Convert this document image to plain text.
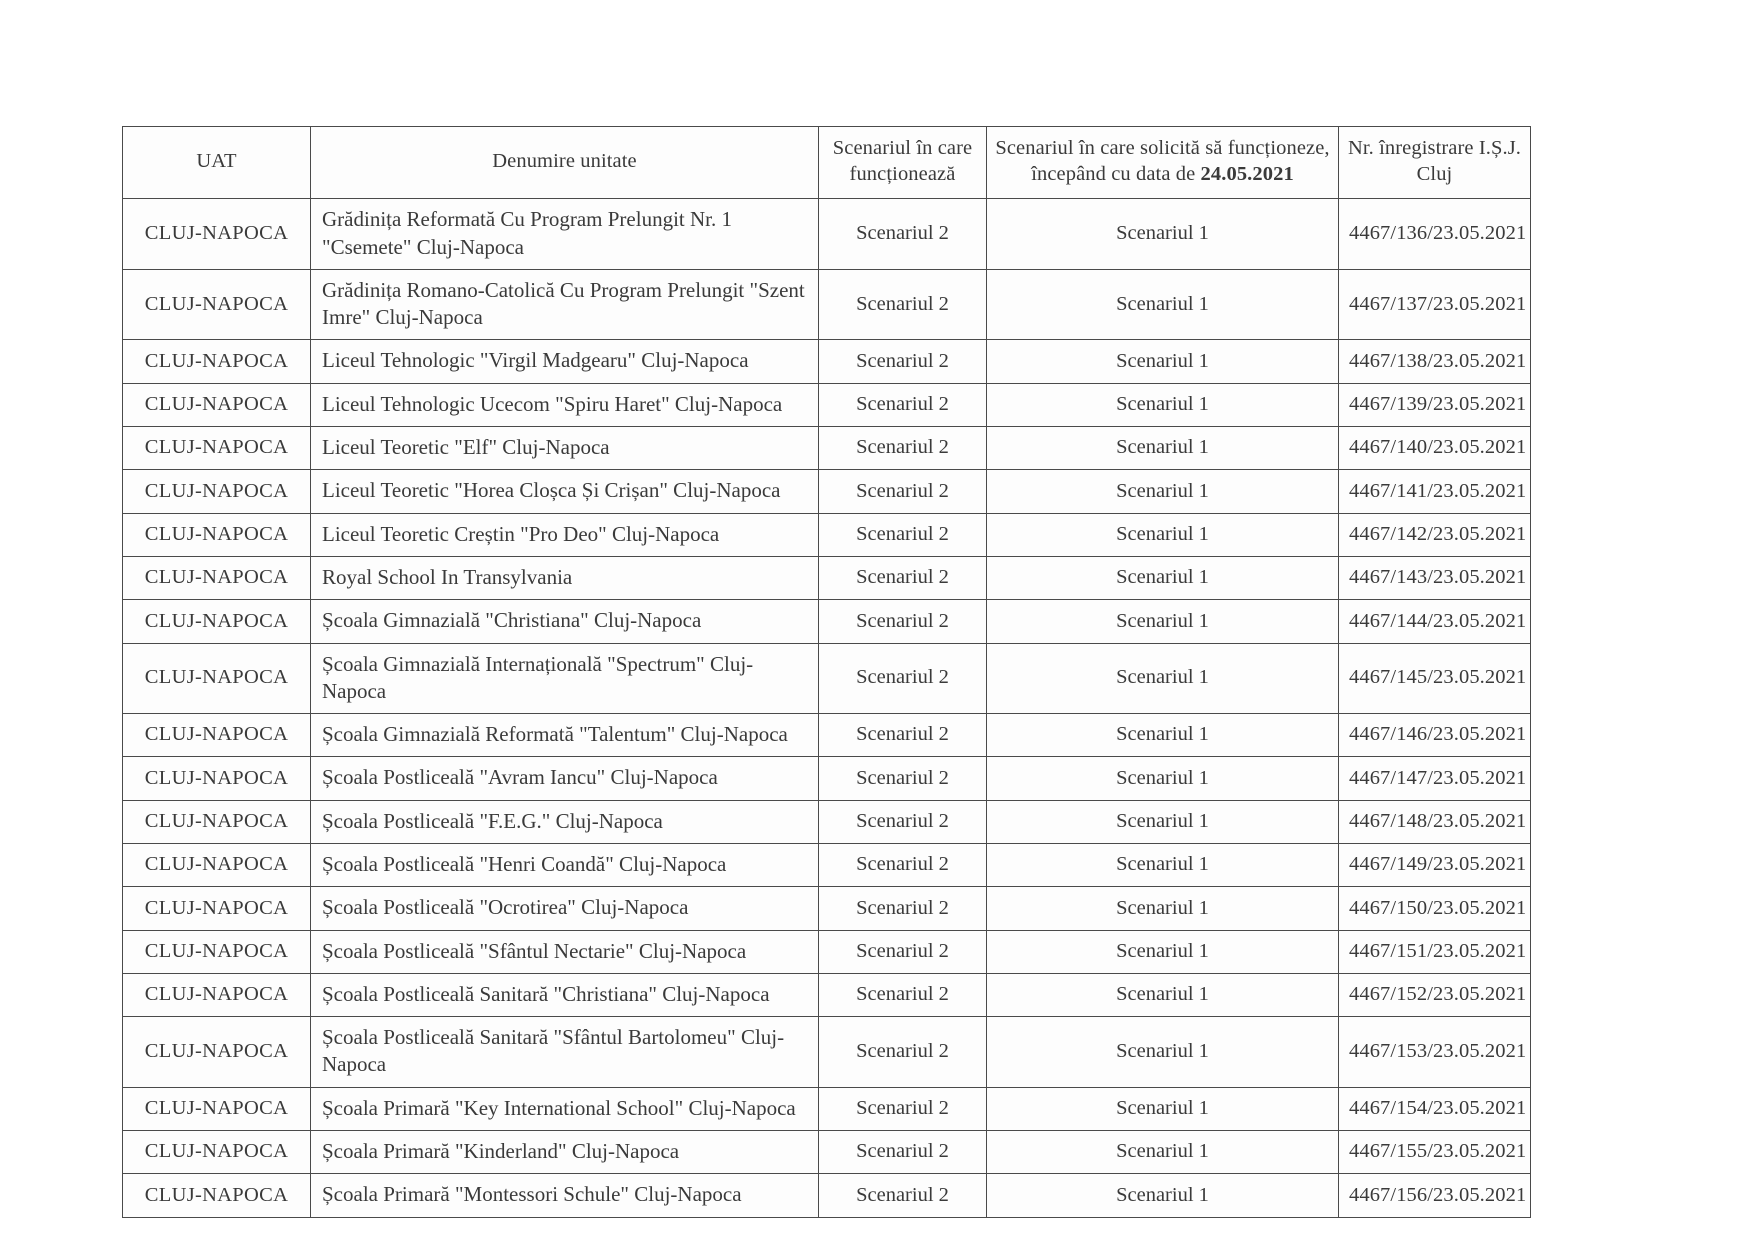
UAT	Denumire unitate	Scenariul în care funcționează	Scenariul în care solicită să funcționeze, începând cu data de 24.05.2021	Nr. înregistrare I.Ș.J. Cluj
CLUJ-NAPOCA	Grădinița Reformată Cu Program Prelungit Nr. 1 "Csemete" Cluj-Napoca	Scenariul 2	Scenariul 1	4467/136/23.05.2021
CLUJ-NAPOCA	Grădinița Romano-Catolică Cu Program Prelungit "Szent Imre" Cluj-Napoca	Scenariul 2	Scenariul 1	4467/137/23.05.2021
CLUJ-NAPOCA	Liceul Tehnologic "Virgil Madgearu" Cluj-Napoca	Scenariul 2	Scenariul 1	4467/138/23.05.2021
CLUJ-NAPOCA	Liceul Tehnologic Ucecom "Spiru Haret" Cluj-Napoca	Scenariul 2	Scenariul 1	4467/139/23.05.2021
CLUJ-NAPOCA	Liceul Teoretic "Elf" Cluj-Napoca	Scenariul 2	Scenariul 1	4467/140/23.05.2021
CLUJ-NAPOCA	Liceul Teoretic "Horea Cloșca Și Crișan" Cluj-Napoca	Scenariul 2	Scenariul 1	4467/141/23.05.2021
CLUJ-NAPOCA	Liceul Teoretic Creștin "Pro Deo" Cluj-Napoca	Scenariul 2	Scenariul 1	4467/142/23.05.2021
CLUJ-NAPOCA	Royal School In Transylvania	Scenariul 2	Scenariul 1	4467/143/23.05.2021
CLUJ-NAPOCA	Școala Gimnazială "Christiana" Cluj-Napoca	Scenariul 2	Scenariul 1	4467/144/23.05.2021
CLUJ-NAPOCA	Școala Gimnazială Internațională "Spectrum" Cluj-Napoca	Scenariul 2	Scenariul 1	4467/145/23.05.2021
CLUJ-NAPOCA	Școala Gimnazială Reformată "Talentum" Cluj-Napoca	Scenariul 2	Scenariul 1	4467/146/23.05.2021
CLUJ-NAPOCA	Școala Postliceală "Avram Iancu" Cluj-Napoca	Scenariul 2	Scenariul 1	4467/147/23.05.2021
CLUJ-NAPOCA	Școala Postliceală "F.E.G." Cluj-Napoca	Scenariul 2	Scenariul 1	4467/148/23.05.2021
CLUJ-NAPOCA	Școala Postliceală "Henri Coandă" Cluj-Napoca	Scenariul 2	Scenariul 1	4467/149/23.05.2021
CLUJ-NAPOCA	Școala Postliceală "Ocrotirea" Cluj-Napoca	Scenariul 2	Scenariul 1	4467/150/23.05.2021
CLUJ-NAPOCA	Școala Postliceală "Sfântul Nectarie" Cluj-Napoca	Scenariul 2	Scenariul 1	4467/151/23.05.2021
CLUJ-NAPOCA	Școala Postliceală Sanitară "Christiana" Cluj-Napoca	Scenariul 2	Scenariul 1	4467/152/23.05.2021
CLUJ-NAPOCA	Școala Postliceală Sanitară "Sfântul Bartolomeu" Cluj-Napoca	Scenariul 2	Scenariul 1	4467/153/23.05.2021
CLUJ-NAPOCA	Școala Primară "Key International School" Cluj-Napoca	Scenariul 2	Scenariul 1	4467/154/23.05.2021
CLUJ-NAPOCA	Școala Primară "Kinderland" Cluj-Napoca	Scenariul 2	Scenariul 1	4467/155/23.05.2021
CLUJ-NAPOCA	Școala Primară "Montessori Schule" Cluj-Napoca	Scenariul 2	Scenariul 1	4467/156/23.05.2021
